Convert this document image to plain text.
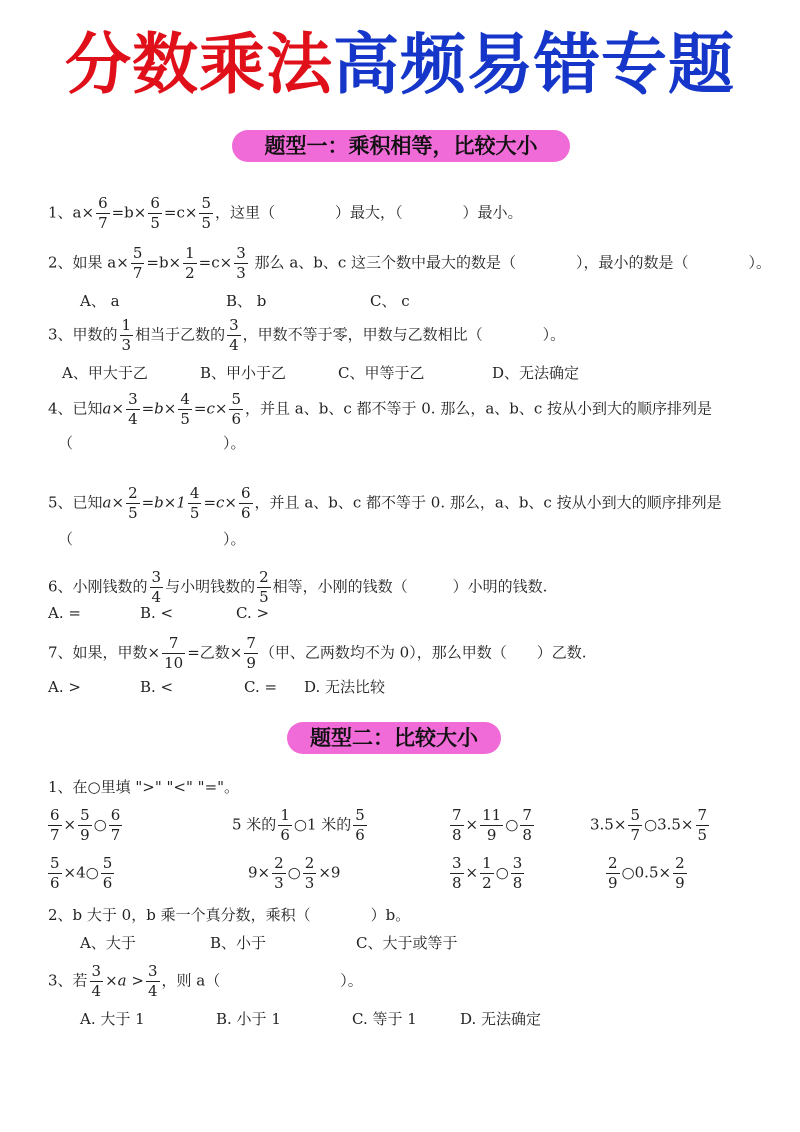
分数乘法高频易错专题
题型一：乘积相等，比较大小
1、$a\times \frac{6}{7} =b\times \frac{6}{5} =c\times \frac{5}{5}$ ，这里（　　　　）最大，（　　　　）最小。
2、如果 $a\times \frac{5}{7} =b\times \frac{1}{2} =c\times \frac{3}{3}$ 那么 a、b、c 这三个数中最大的数是（　　　　），最小的数是（　　　　）。
A、 a	B、 b	C、 c
3、甲数的 $\frac{1}{3}$ 相当于乙数的 $\frac{3}{4}$ ，甲数不等于零，甲数与乙数相比（　　　　）。
A、甲大于乙	B、甲小于乙	C、甲等于乙	D、无法确定
4、已知$a\times \frac{3}{4} =b\times \frac{4}{5} =c\times \frac{5}{6}$ ，并且 a、b、c 都不等于 0. 那么，a、b、c 按从小到大的顺序排列是
（　　　　　　　　　　）。
5、已知$a\times \frac{2}{5} =b\times 1 \frac{4}{5} =c\times \frac{6}{6}$ ，并且 a、b、c 都不等于 0. 那么，a、b、c 按从小到大的顺序排列是
（　　　　　　　　　　）。
6、小刚钱数的 $\frac{3}{4}$ 与小明钱数的 $\frac{2}{5}$ 相等，小刚的钱数（　　　）小明的钱数.
A. =	B. <	C. >
7、如果，甲数× $\frac{7}{10}$ =乙数× $\frac{7}{9}$ （甲、乙两数均不为 0），那么甲数（　　）乙数.
A. >	B. <	C. = D. 无法比较
题型二：比较大小
1、在○里填 ">" "<" "="。
$\frac{6}{7} \times \frac{5}{9}$ ○ $\frac{6}{7}$	5 米的 $\frac{1}{6}$ ○1 米的 $\frac{5}{6}$	$\frac{7}{8} \times \frac{11}{9}$ ○ $\frac{7}{8}$	$3.5\times \frac{5}{7}$ ○3.5× $\frac{7}{5}$
$\frac{5}{6}$ ×4○ $\frac{5}{6}$	$9\times \frac{2}{3}$ ○ $\frac{2}{3} \times 9$	$\frac{3}{8} \times \frac{1}{2}$ ○ $\frac{3}{8}$	$\frac{2}{9}$ ○0.5× $\frac{2}{9}$
2、b 大于 0，b 乘一个真分数，乘积（　　　　）b。
A、大于	B、小于	C、大于或等于
3、若 $\frac{3}{4} \times a > \frac{3}{4}$ ，则 a（　　　　　　　　）。
A. 大于 1	B. 小于 1	C. 等于 1	D. 无法确定
